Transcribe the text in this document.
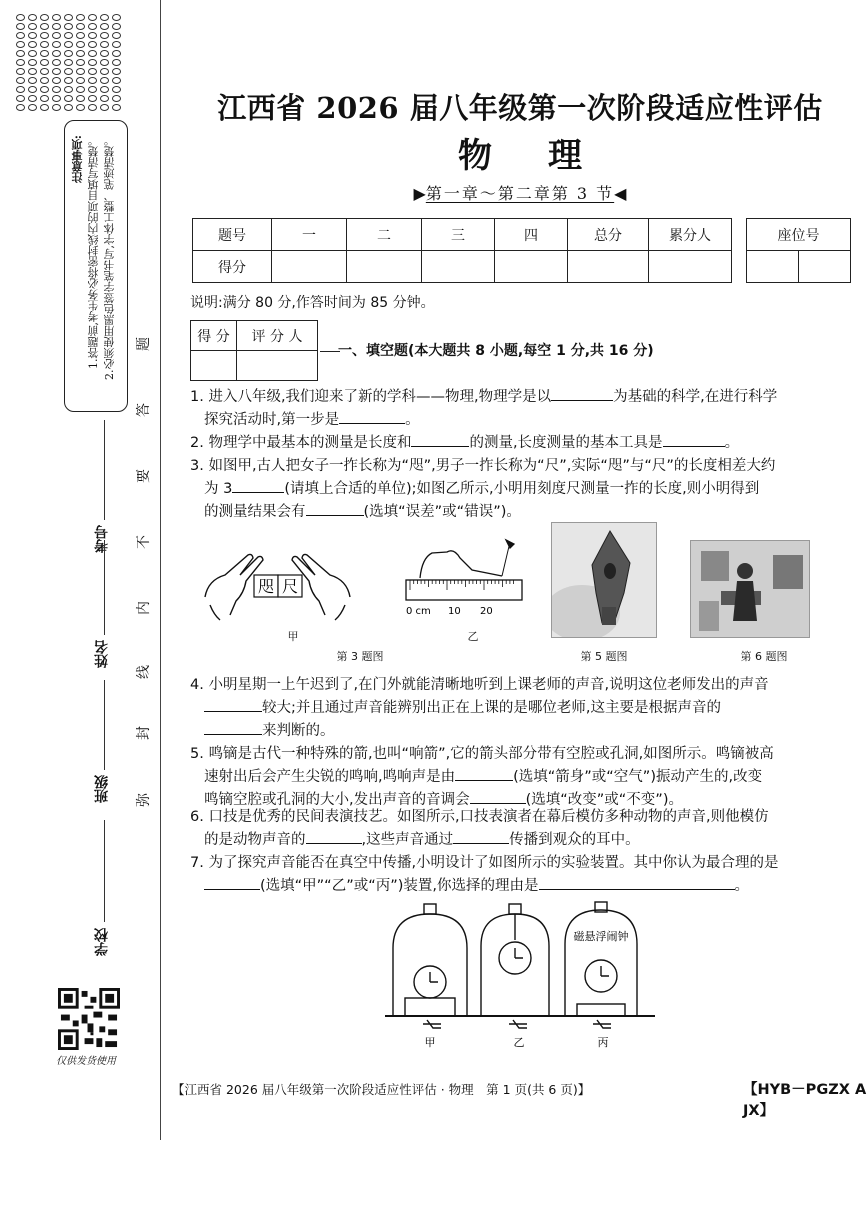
注意事项: 1.答题前,考生务必将密封线内的项目填写清楚。 2.必须使用黑色签字笔书写,字体工整、笔迹清楚。
考号
姓名
班级
学校
弥
封
线
内
不
要
答
题
仅供发货使用
江西省 2026 届八年级第一次阶段适应性评估
物理
▶第一章～第二章第 3 节◀
题号	一	二	三	四	总分	累分人
得分						
座位号

说明:满分 80 分,作答时间为 85 分钟。
得 分	评 分 人

一、填空题(本大题共 8 小题,每空 1 分,共 16 分)
1. 进入八年级,我们迎来了新的学科——物理,物理学是以	为基础的科学,在进行科学
探究活动时,第一步是	。
2. 物理学中最基本的测量是长度和	的测量,长度测量的基本工具是	。
3. 如图甲,古人把女子一拃长称为“咫”,男子一拃长称为“尺”,实际“咫”与“尺”的长度相差大约
为 3	(请填上合适的单位);如图乙所示,小明用刻度尺测量一拃的长度,则小明得到
的测量结果会有	(选填“误差”或“错误”)。
咫 尺
甲
0 cm 10 20
乙
第 3 题图	第 5 题图	第 6 题图
4. 小明星期一上午迟到了,在门外就能清晰地听到上课老师的声音,说明这位老师发出的声音
较大;并且通过声音能辨别出正在上课的是哪位老师,这主要是根据声音的
来判断的。
5. 鸣镝是古代一种特殊的箭,也叫“响箭”,它的箭头部分带有空腔或孔洞,如图所示。鸣镝被高
速射出后会产生尖锐的鸣响,鸣响声是由	(选填“箭身”或“空气”)振动产生的,改变
鸣镝空腔或孔洞的大小,发出声音的音调会	(选填“改变”或“不变”)。
6. 口技是优秀的民间表演技艺。如图所示,口技表演者在幕后模仿多种动物的声音,则他模仿
的是动物声音的	,这些声音通过	传播到观众的耳中。
7. 为了探究声音能否在真空中传播,小明设计了如图所示的实验装置。其中你认为最合理的是
(选填“甲”“乙”或“丙”)装置,你选择的理由是	。
磁悬浮闹钟
甲	乙	丙
【江西省 2026 届八年级第一次阶段适应性评估 · 物理　第 1 页(共 6 页)】	【HYB－PGZX A JX】
